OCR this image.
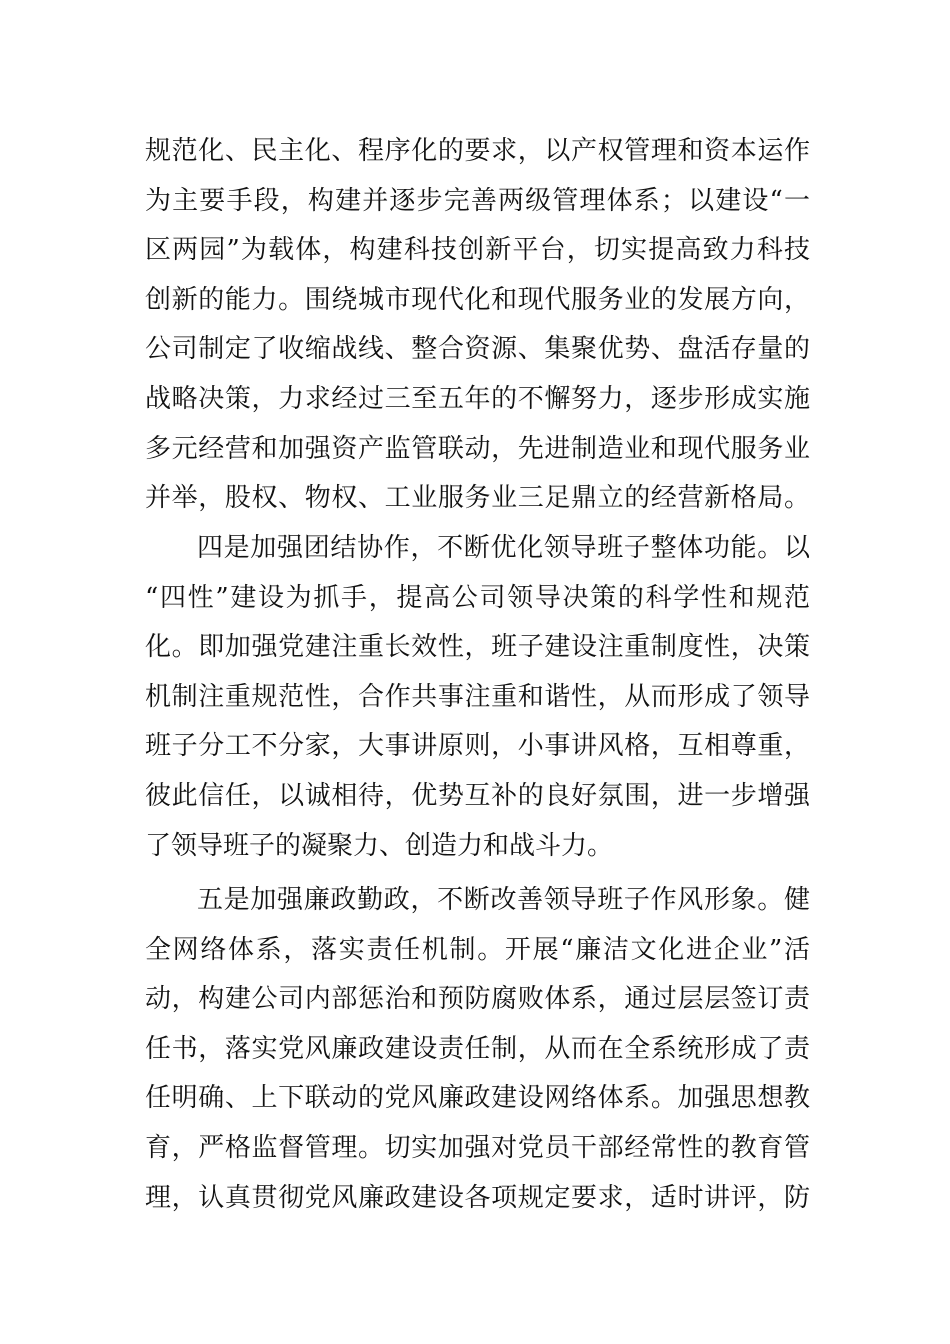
规范化、民主化、程序化的要求，以产权管理和资本运作
为主要手段，构建并逐步完善两级管理体系；以建设“一
区两园”为载体，构建科技创新平台，切实提高致力科技
创新的能力。围绕城市现代化和现代服务业的发展方向，
公司制定了收缩战线、整合资源、集聚优势、盘活存量的
战略决策，力求经过三至五年的不懈努力，逐步形成实施
多元经营和加强资产监管联动，先进制造业和现代服务业
并举，股权、物权、工业服务业三足鼎立的经营新格局。
四是加强团结协作，不断优化领导班子整体功能。以
“四性”建设为抓手，提高公司领导决策的科学性和规范
化。即加强党建注重长效性，班子建设注重制度性，决策
机制注重规范性，合作共事注重和谐性，从而形成了领导
班子分工不分家，大事讲原则，小事讲风格，互相尊重，
彼此信任，以诚相待，优势互补的良好氛围，进一步增强
了领导班子的凝聚力、创造力和战斗力。
五是加强廉政勤政，不断改善领导班子作风形象。健
全网络体系，落实责任机制。开展“廉洁文化进企业”活
动，构建公司内部惩治和预防腐败体系，通过层层签订责
任书，落实党风廉政建设责任制，从而在全系统形成了责
任明确、上下联动的党风廉政建设网络体系。加强思想教
育，严格监督管理。切实加强对党员干部经常性的教育管
理，认真贯彻党风廉政建设各项规定要求，适时讲评，防
